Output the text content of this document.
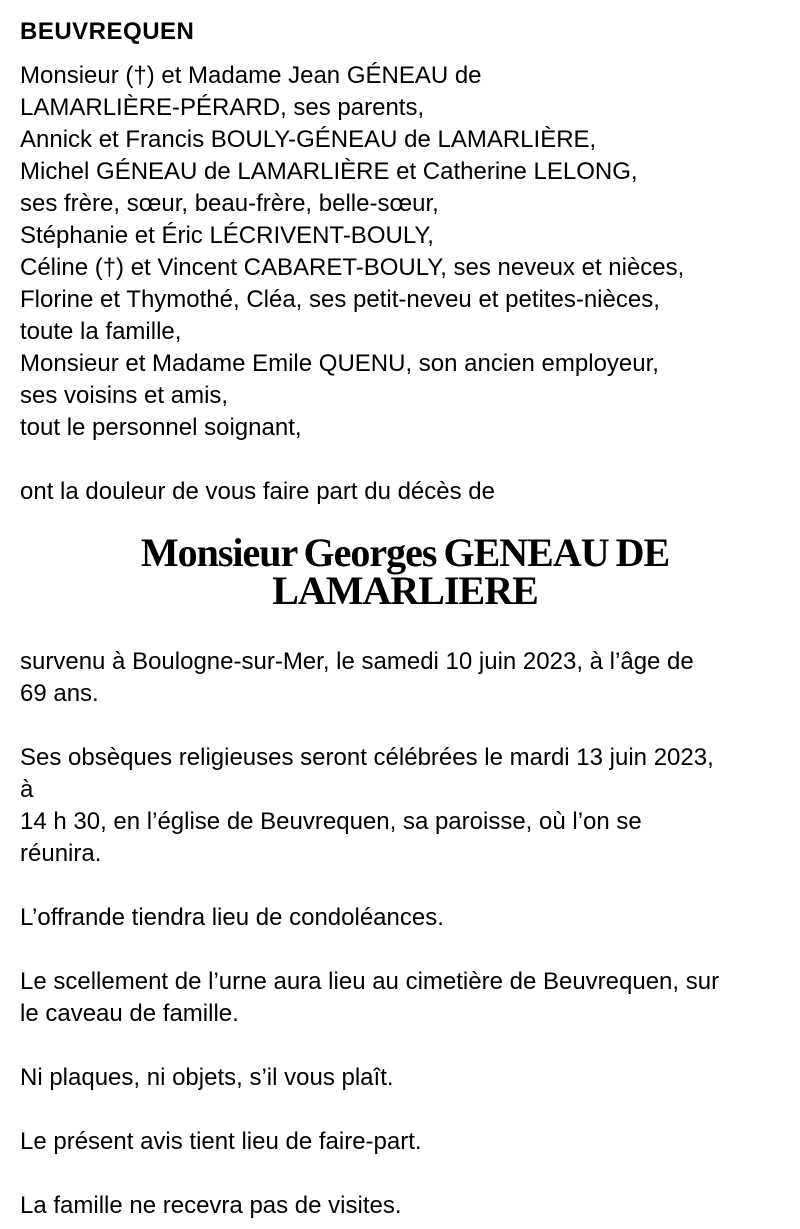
BEUVREQUEN
Monsieur (†) et Madame Jean GÉNEAU de
LAMARLIÈRE-PÉRARD, ses parents,
Annick et Francis BOULY-GÉNEAU de LAMARLIÈRE,
Michel GÉNEAU de LAMARLIÈRE et Catherine LELONG,
ses frère, sœur, beau-frère, belle-sœur,
Stéphanie et Éric LÉCRIVENT-BOULY,
Céline (†) et Vincent CABARET-BOULY, ses neveux et nièces,
Florine et Thymothé, Cléa, ses petit-neveu et petites-nièces,
toute la famille,
Monsieur et Madame Emile QUENU, son ancien employeur,
ses voisins et amis,
tout le personnel soignant,
ont la douleur de vous faire part du décès de
Monsieur Georges GENEAU DE
LAMARLIERE
survenu à Boulogne-sur-Mer, le samedi 10 juin 2023, à l’âge de
69 ans.
Ses obsèques religieuses seront célébrées le mardi 13 juin 2023,
à
14 h 30, en l’église de Beuvrequen, sa paroisse, où l’on se
réunira.
L’offrande tiendra lieu de condoléances.
Le scellement de l’urne aura lieu au cimetière de Beuvrequen, sur
le caveau de famille.
Ni plaques, ni objets, s’il vous plaît.
Le présent avis tient lieu de faire-part.
La famille ne recevra pas de visites.
